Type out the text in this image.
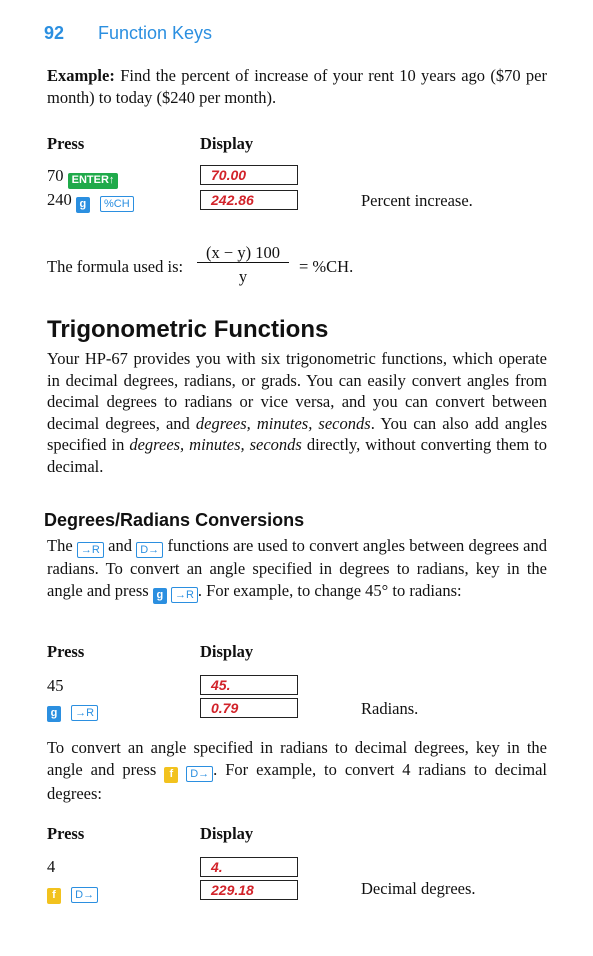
92 Function Keys
Example: Find the percent of increase of your rent 10 years ago ($70 per month) to today ($240 per month).
Press	Display
70 ENTER↑	70.00
240 g %CH	242.86	Percent increase.
The formula used is:
(x − y) 100
y
= %CH.
Trigonometric Functions
Your HP-67 provides you with six trigonometric functions, which operate in decimal degrees, radians, or grads. You can easily convert angles from decimal degrees to radians or vice versa, and you can convert between decimal degrees, and degrees, minutes, seconds. You can also add angles specified in degrees, minutes, seconds directly, without converting them to decimal.
Degrees/Radians Conversions
The →R and D→ functions are used to convert angles between degrees and radians. To convert an angle specified in degrees to radians, key in the angle and press g →R . For example, to change 45° to radians:
Press	Display
45	45.
g →R	0.79	Radians.
To convert an angle specified in radians to decimal degrees, key in the angle and press f D→ . For example, to convert 4 radians to decimal degrees:
Press	Display
4	4.
f D→	229.18	Decimal degrees.
